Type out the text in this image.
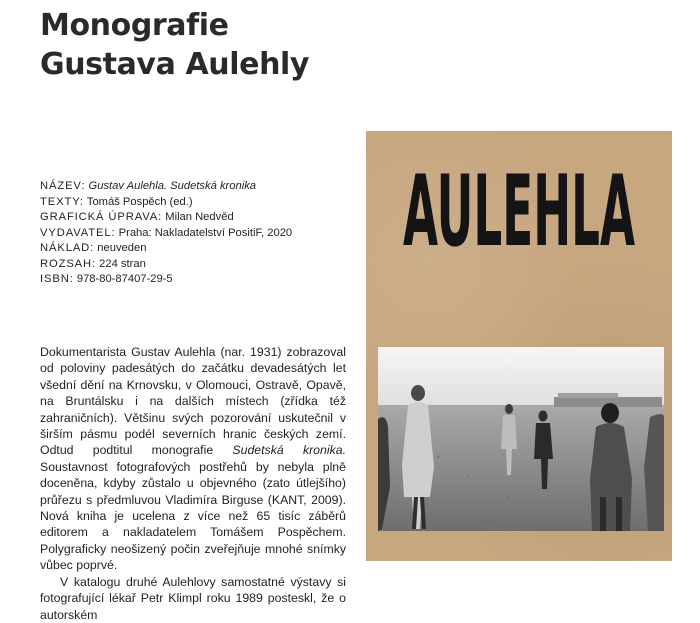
Monografie
Gustava Aulehly
NÁZEV: Gustav Aulehla. Sudetská kronika
TEXTY: Tomáš Pospěch (ed.)
GRAFICKÁ ÚPRAVA: Milan Nedvěd
VYDAVATEL: Praha: Nakladatelství PositiF, 2020
NÁKLAD: neuveden
ROZSAH: 224 stran
ISBN: 978-80-87407-29-5

Dokumentarista Gustav Aulehla (nar. 1931) zobrazoval od poloviny padesátých do začátku devadesátých let všední dění na Krnovsku, v Olomouci, Ostravě, Opavě, na Bruntálsku i na dalších místech (zřídka též zahraničních). Většinu svých pozorování uskutečnil v širším pásmu podél severních hranic českých zemí. Odtud podtitul monografie Sudetská kronika. Soustavnost fotografových postřehů by nebyla plně doceněna, kdyby zůstalo u objevného (zato útlejšího) průřezu s předmluvou Vladimíra Birguse (KANT, 2009). Nová kniha je ucelena z více než 65 tisíc záběrů editorem a nakladatelem Tomášem Pospěchem. Polygraficky neošizený počin zveřejňuje mnohé snímky vůbec poprvé.

V katalogu druhé Aulehlovy samostatné výstavy si fotografující lékař Petr Klimpl roku 1989 posteskl, že o autorském

AULEHLA
